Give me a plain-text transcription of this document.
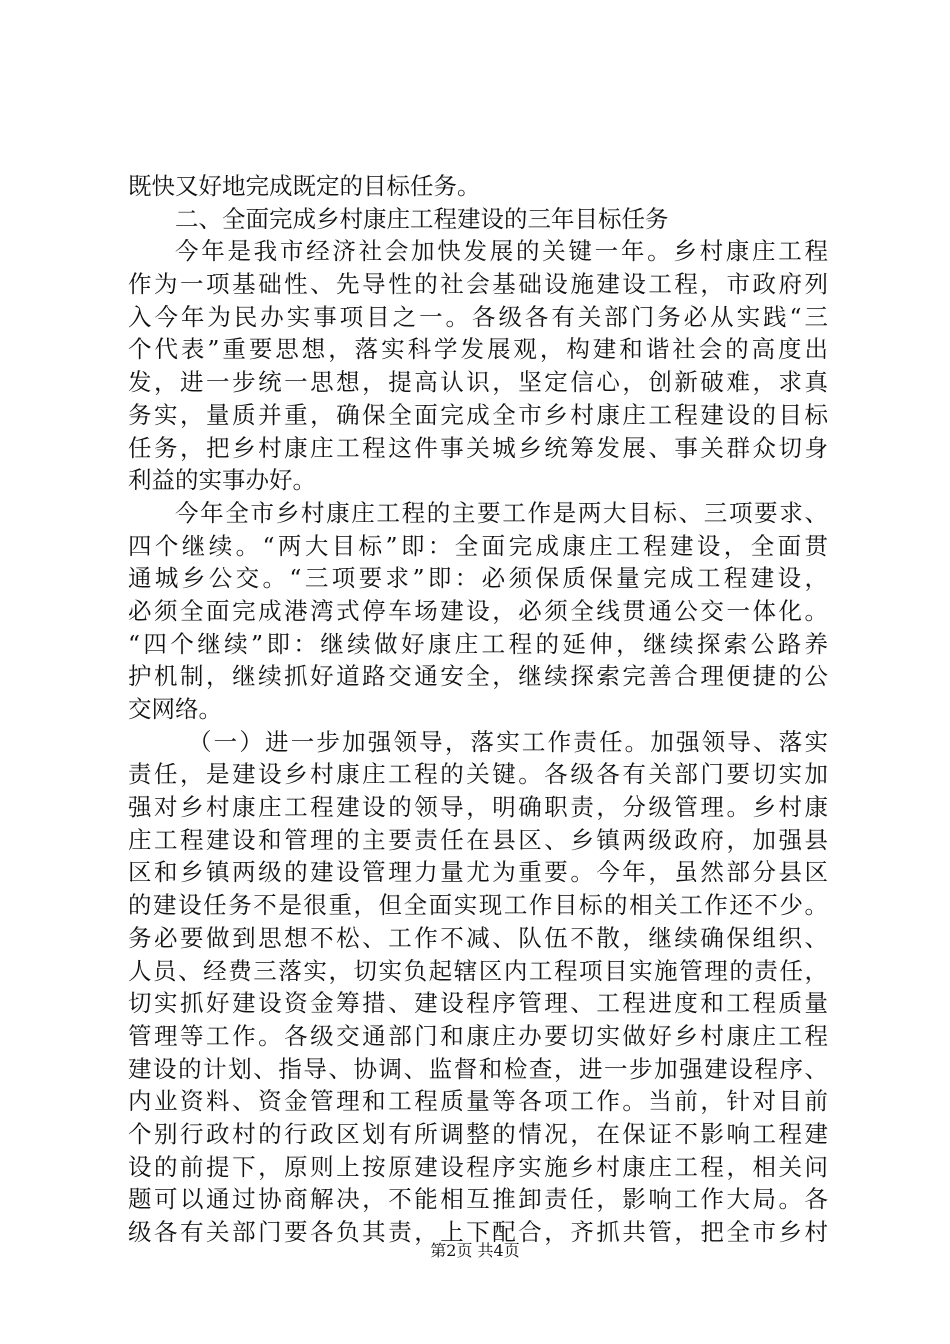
既快又好地完成既定的目标任务。
二、全面完成乡村康庄工程建设的三年目标任务
今年是我市经济社会加快发展的关键一年。乡村康庄工程
作为一项基础性、先导性的社会基础设施建设工程，市政府列
入今年为民办实事项目之一。各级各有关部门务必从实践“三
个代表”重要思想，落实科学发展观，构建和谐社会的高度出
发，进一步统一思想，提高认识，坚定信心，创新破难，求真
务实，量质并重，确保全面完成全市乡村康庄工程建设的目标
任务，把乡村康庄工程这件事关城乡统筹发展、事关群众切身
利益的实事办好。
今年全市乡村康庄工程的主要工作是两大目标、三项要求、
四个继续。“两大目标”即：全面完成康庄工程建设，全面贯
通城乡公交。“三项要求”即：必须保质保量完成工程建设，
必须全面完成港湾式停车场建设，必须全线贯通公交一体化。
“四个继续”即：继续做好康庄工程的延伸，继续探索公路养
护机制，继续抓好道路交通安全，继续探索完善合理便捷的公
交网络。
（一）进一步加强领导，落实工作责任。加强领导、落实
责任，是建设乡村康庄工程的关键。各级各有关部门要切实加
强对乡村康庄工程建设的领导，明确职责，分级管理。乡村康
庄工程建设和管理的主要责任在县区、乡镇两级政府，加强县
区和乡镇两级的建设管理力量尤为重要。今年，虽然部分县区
的建设任务不是很重，但全面实现工作目标的相关工作还不少。
务必要做到思想不松、工作不减、队伍不散，继续确保组织、
人员、经费三落实，切实负起辖区内工程项目实施管理的责任，
切实抓好建设资金筹措、建设程序管理、工程进度和工程质量
管理等工作。各级交通部门和康庄办要切实做好乡村康庄工程
建设的计划、指导、协调、监督和检查，进一步加强建设程序、
内业资料、资金管理和工程质量等各项工作。当前，针对目前
个别行政村的行政区划有所调整的情况，在保证不影响工程建
设的前提下，原则上按原建设程序实施乡村康庄工程，相关问
题可以通过协商解决，不能相互推卸责任，影响工作大局。各
级各有关部门要各负其责，上下配合，齐抓共管，把全市乡村
第2页 共4页
